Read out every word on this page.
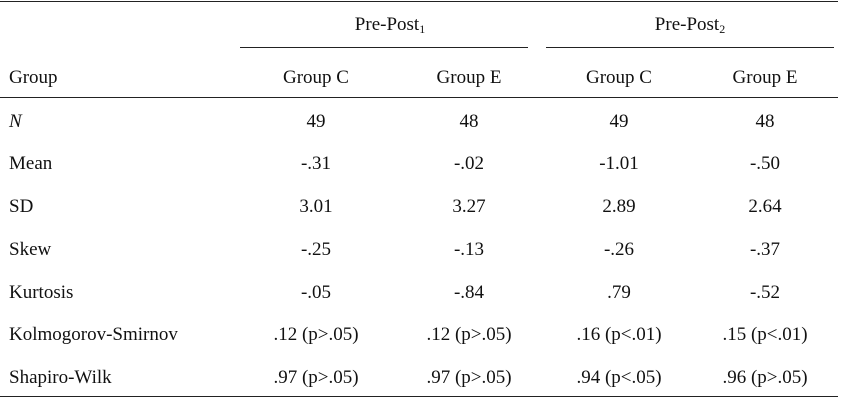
Pre-Post$_1$	Pre-Post$_2$
Group	Group C	Group E	Group C	Group E
N	49	48	49	48
Mean	-.31	-.02	-1.01	-.50
SD	3.01	3.27	2.89	2.64
Skew	-.25	-.13	-.26	-.37
Kurtosis	-.05	-.84	.79	-.52
Kolmogorov-Smirnov	.12 (p>.05)	.12 (p>.05)	.16 (p<.01)	.15 (p<.01)
Shapiro-Wilk	.97 (p>.05)	.97 (p>.05)	.94 (p<.05)	.96 (p>.05)
